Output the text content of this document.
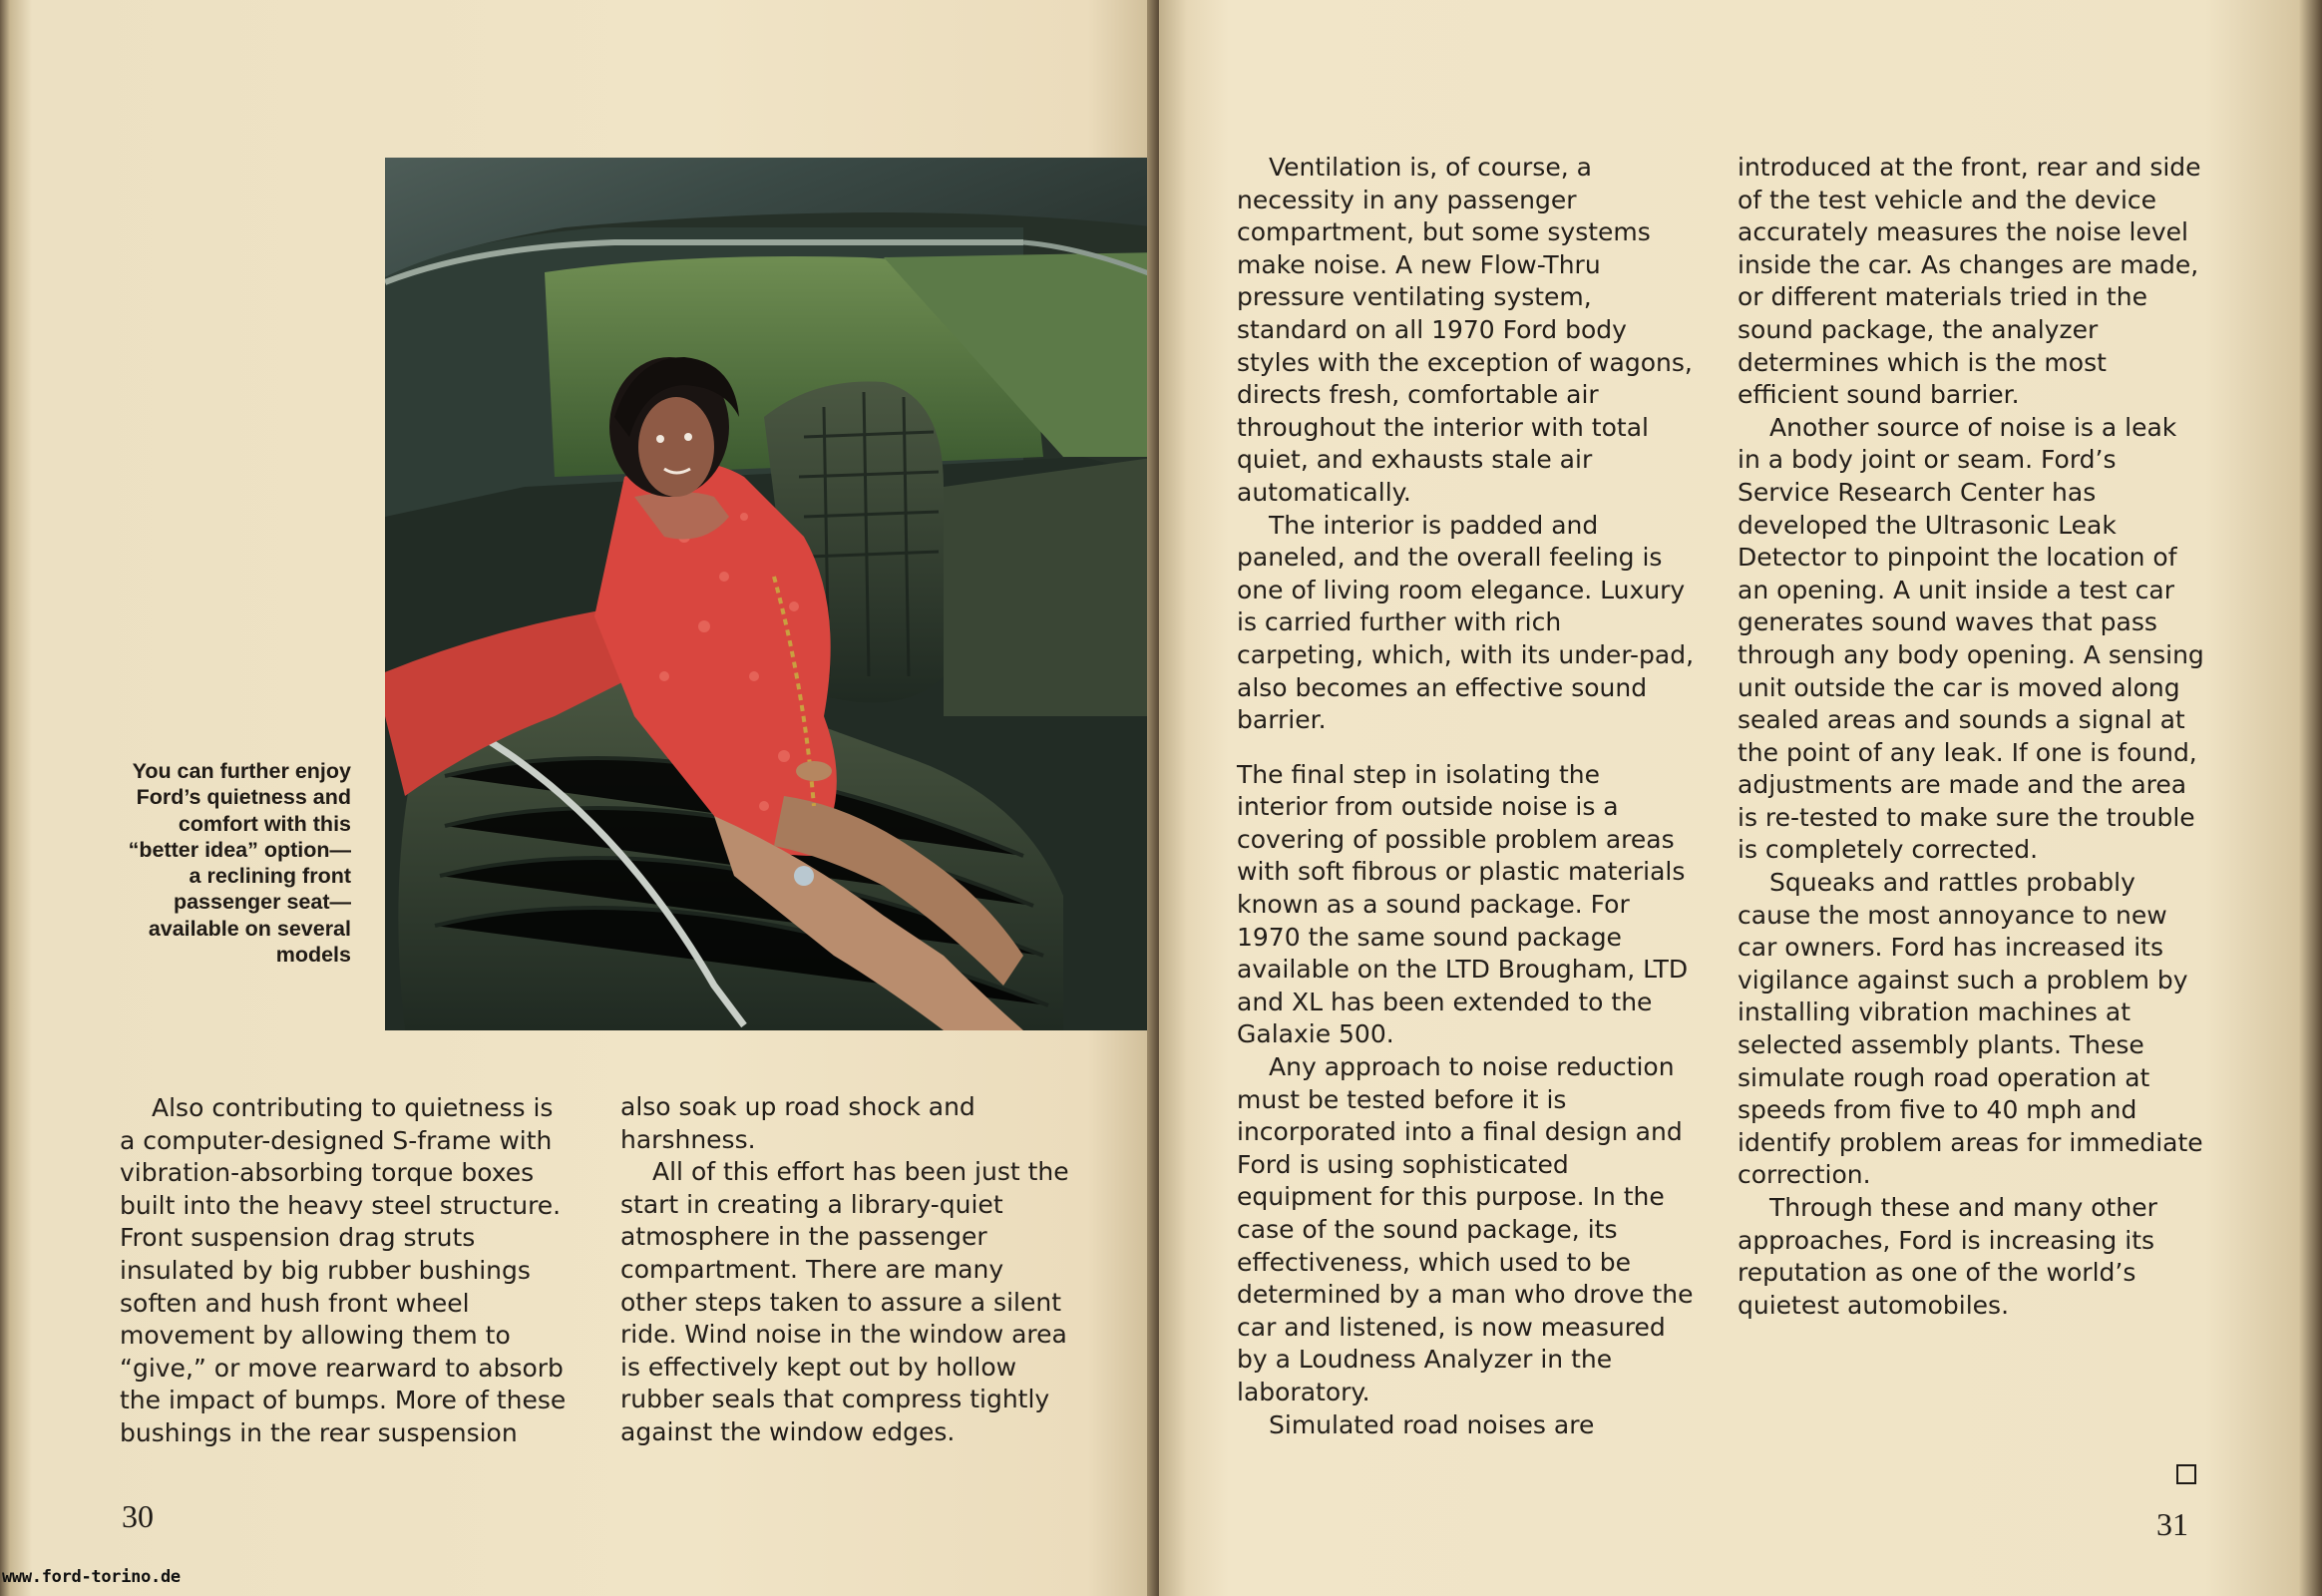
You can further enjoy Ford’s quietness and comfort with this “better idea” option— a reclining front passenger seat—available on several models

Also contributing to quietness is a computer-designed S-frame with vibration-absorbing torque boxes built into the heavy steel structure. Front suspension drag struts insulated by big rubber bushings soften and hush front wheel movement by allowing them to “give,” or move rearward to absorb the impact of bumps. More of these bushings in the rear suspension

also soak up road shock and harshness.

All of this effort has been just the start in creating a library-quiet atmosphere in the passenger compartment. There are many other steps taken to assure a silent ride. Wind noise in the window area is effectively kept out by hollow rubber seals that compress tightly against the window edges.

30

Ventilation is, of course, a necessity in any passenger compartment, but some systems make noise. A new Flow-Thru pressure ventilating system, standard on all 1970 Ford body styles with the exception of wagons, directs fresh, comfortable air throughout the interior with total quiet, and exhausts stale air automatically.

The interior is padded and paneled, and the overall feeling is one of living room elegance. Luxury is carried further with rich carpeting, which, with its under-pad, also becomes an effective sound barrier.

The final step in isolating the interior from outside noise is a covering of possible problem areas with soft fibrous or plastic materials known as a sound package. For 1970 the same sound package available on the LTD Brougham, LTD and XL has been extended to the Galaxie 500.

Any approach to noise reduction must be tested before it is incorporated into a final design and Ford is using sophisticated equipment for this purpose. In the case of the sound package, its effectiveness, which used to be determined by a man who drove the car and listened, is now measured by a Loudness Analyzer in the laboratory.

Simulated road noises are

introduced at the front, rear and side of the test vehicle and the device accurately measures the noise level inside the car. As changes are made, or different materials tried in the sound package, the analyzer determines which is the most efficient sound barrier.

Another source of noise is a leak in a body joint or seam. Ford’s Service Research Center has developed the Ultrasonic Leak Detector to pinpoint the location of an opening. A unit inside a test car generates sound waves that pass through any body opening. A sensing unit outside the car is moved along sealed areas and sounds a signal at the point of any leak. If one is found, adjustments are made and the area is re-tested to make sure the trouble is completely corrected.

Squeaks and rattles probably cause the most annoyance to new car owners. Ford has increased its vigilance against such a problem by installing vibration machines at selected assembly plants. These simulate rough road operation at speeds from five to 40 mph and identify problem areas for immediate correction.

Through these and many other approaches, Ford is increasing its reputation as one of the world’s quietest automobiles.

31
www.ford-torino.de
